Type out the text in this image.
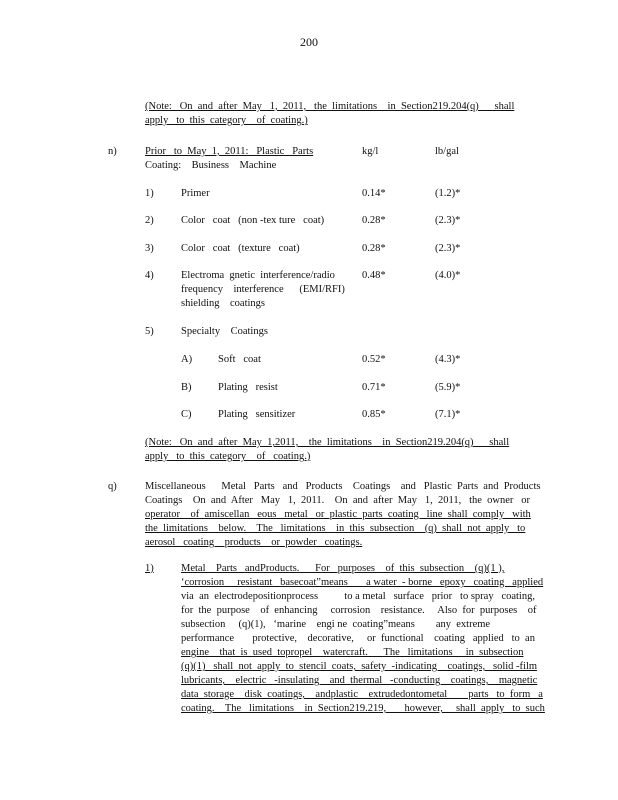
200

(Note:   On  and  after  May   1,  2011,   the  limitations    in  Section219.204(q)      shall

apply   to  this  category    of  coating.)

n)	Prior   to  May  1,  2011:   Plastic   Parts

Coating:    Business    Machine

kg/l	lb/gal
1)	Primer	0.14*	(1.2)*
2)	Color   coat   (non -tex ture   coat)	0.28*	(2.3)*
3)	Color   coat   (texture   coat)	0.28*	(2.3)*
4)	Electroma  gnetic  interference/radio

frequency    interference      (EMI/RFI)

shielding    coatings

0.48*	(4.0)*
5)	Specialty    Coatings
A) Soft   coat	0.52*	(4.3)*
B)	Plating   resist	0.71*	(5.9)*
C)	Plating   sensitizer	0.85*	(7.1)*

(Note:   On  and  after  May  1,2011,    the  limitations    in  Section219.204(q)      shall

apply   to  this  category    of   coating.)

q)	Miscellaneous      Metal   Parts   and   Products    Coatings    and   Plastic  Parts  and  Products

Coatings    On  and  After   May   1,  2011.    On  and  after  May   1,  2011,   the  owner   or

operator    of  amiscellan   eous   metal   or  plastic  parts  coating   line  shall  comply   with

the  limitations    below.    The   limitations    in  this  subsection    (q)  shall  not  apply   to

aerosol   coating    products    or  powder   coatings.

1)	Metal    Parts   andProducts.      For   purposes    of  this  subsection    (q)(1 ),

‘corrosion     resistant   basecoat”means       a water  - borne   epoxy   coating   applied

via  an  electrodepositionprocess          to a metal   surface   prior   to spray   coating,

for  the  purpose    of  enhancing     corrosion    resistance.     Also  for  purposes    of

subsection     (q)(1),   ‘marine    engi ne  coating”means        any  extreme

performance       protective,    decorative,     or  functional    coating   applied   to  an

engine    that  is  used  topropel    watercraft.      The   limitations     in  subsection

(q)(1)   shall  not  apply  to  stencil  coats,  safety  -indicating    coatings,   solid -film

lubricants,    electric   -insulating    and  thermal   -conducting    coatings,    magnetic

data  storage    disk  coatings,    andplastic    extrudedontometal        parts   to  form   a

coating.    The   limitations    in  Section219.219,       however,     shall  apply   to  such
